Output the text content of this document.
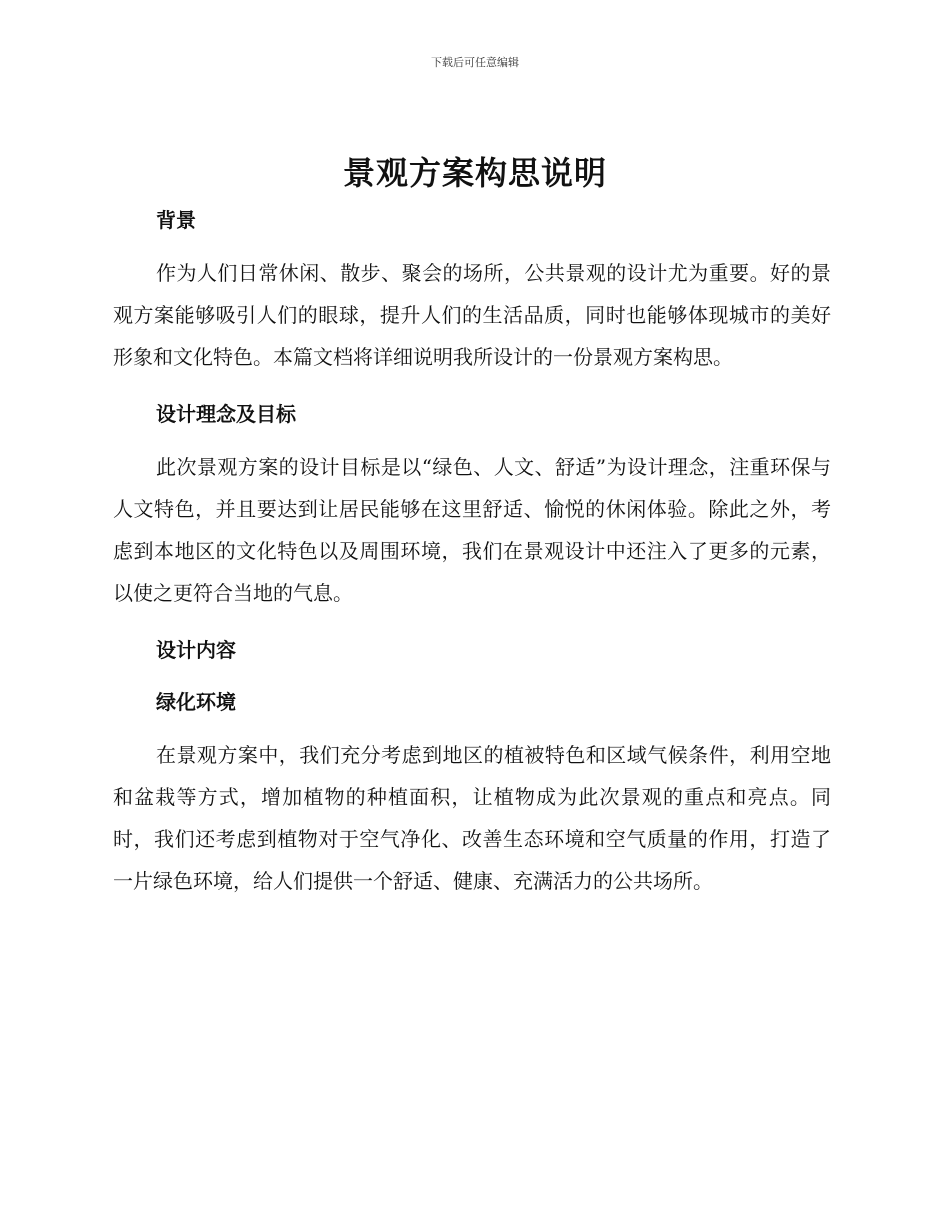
下载后可任意编辑
景观方案构思说明
背景

作为人们日常休闲、散步、聚会的场所，公共景观的设计尤为重要。好的景观方案能够吸引人们的眼球，提升人们的生活品质，同时也能够体现城市的美好形象和文化特色。本篇文档将详细说明我所设计的一份景观方案构思。

设计理念及目标

此次景观方案的设计目标是以“绿色、人文、舒适”为设计理念，注重环保与人文特色，并且要达到让居民能够在这里舒适、愉悦的休闲体验。除此之外，考虑到本地区的文化特色以及周围环境，我们在景观设计中还注入了更多的元素，以使之更符合当地的气息。

设计内容
绿化环境

在景观方案中，我们充分考虑到地区的植被特色和区域气候条件，利用空地和盆栽等方式，增加植物的种植面积，让植物成为此次景观的重点和亮点。同时，我们还考虑到植物对于空气净化、改善生态环境和空气质量的作用，打造了一片绿色环境，给人们提供一个舒适、健康、充满活力的公共场所。
